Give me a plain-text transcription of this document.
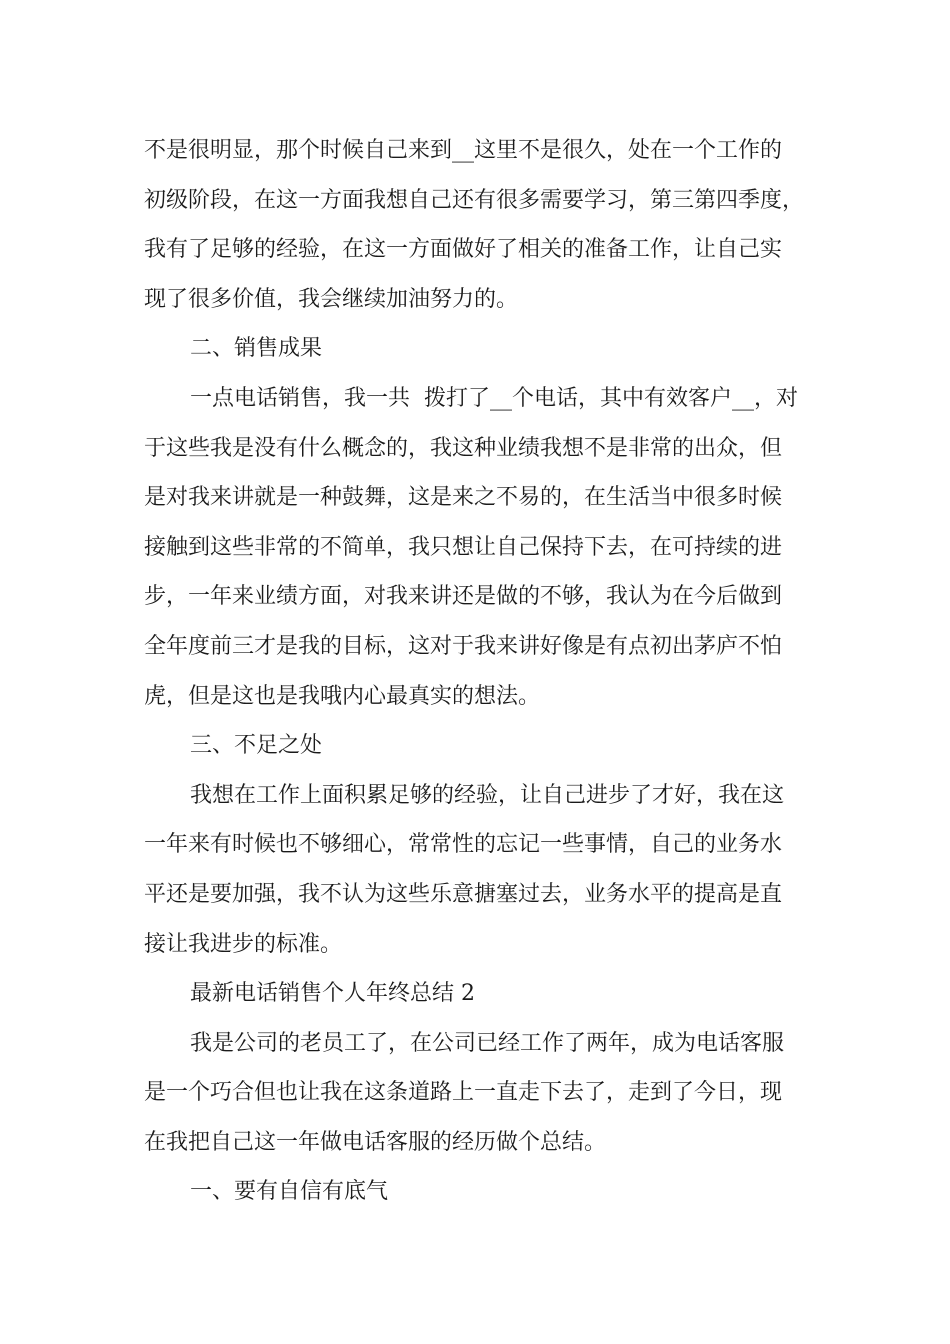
不是很明显，那个时候自己来到__这里不是很久，处在一个工作的
初级阶段，在这一方面我想自己还有很多需要学习，第三第四季度，
我有了足够的经验，在这一方面做好了相关的准备工作，让自己实
现了很多价值，我会继续加油努力的。
二、销售成果
一点电话销售，我一共  拨打了__个电话，其中有效客户__，对
于这些我是没有什么概念的，我这种业绩我想不是非常的出众，但
是对我来讲就是一种鼓舞，这是来之不易的，在生活当中很多时候
接触到这些非常的不简单，我只想让自己保持下去，在可持续的进
步，一年来业绩方面，对我来讲还是做的不够，我认为在今后做到
全年度前三才是我的目标，这对于我来讲好像是有点初出茅庐不怕
虎，但是这也是我哦内心最真实的想法。
三、不足之处
我想在工作上面积累足够的经验，让自己进步了才好，我在这
一年来有时候也不够细心，常常性的忘记一些事情，自己的业务水
平还是要加强，我不认为这些乐意搪塞过去，业务水平的提高是直
接让我进步的标准。
最新电话销售个人年终总结 2
我是公司的老员工了，在公司已经工作了两年，成为电话客服
是一个巧合但也让我在这条道路上一直走下去了，走到了今日，现
在我把自己这一年做电话客服的经历做个总结。
一、要有自信有底气
